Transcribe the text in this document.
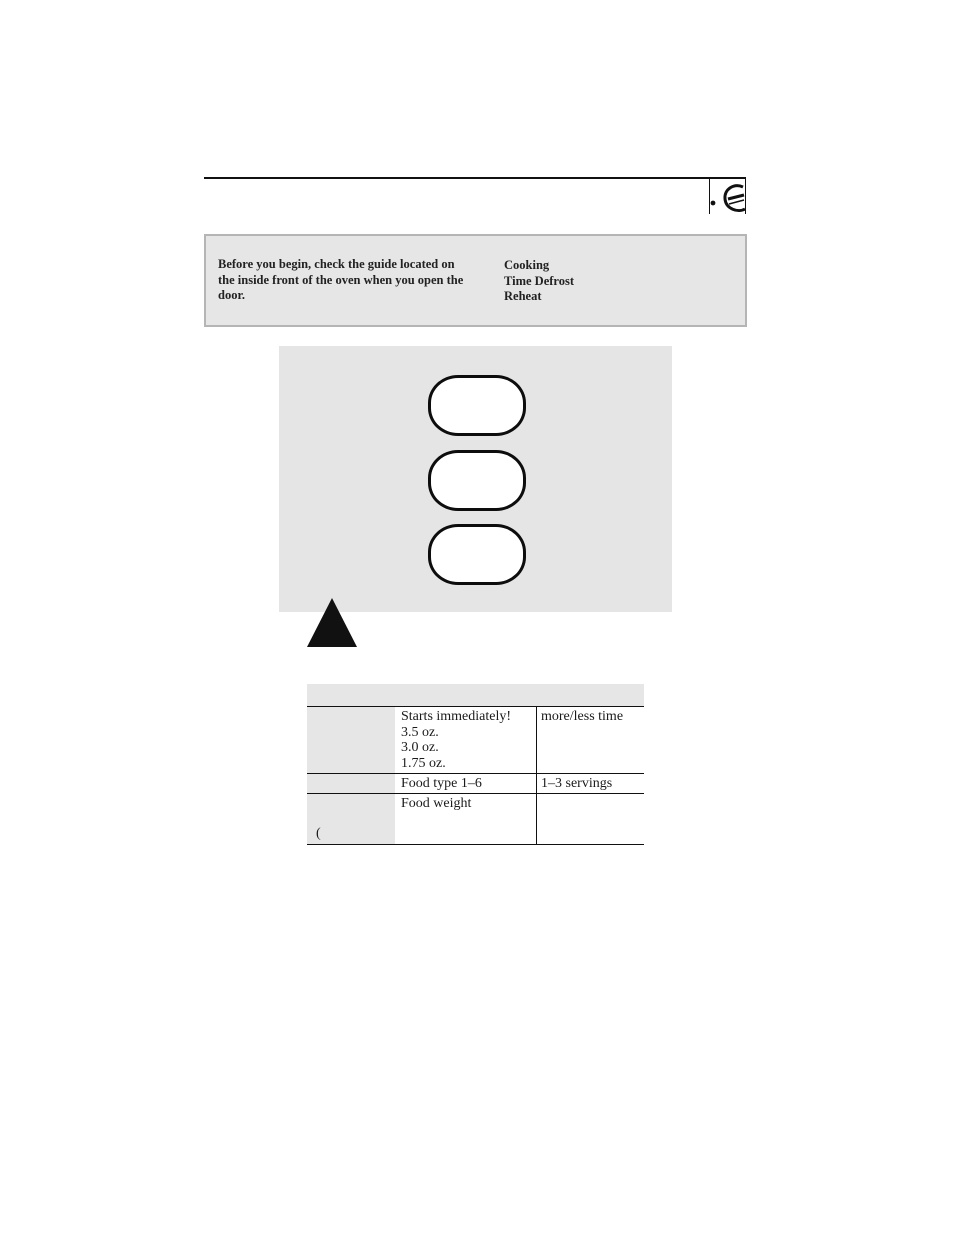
Before you begin, check the guide located on the inside front of the oven when you open the door.
Cooking
Time Defrost
Reheat
Starts immediately!
3.5 oz.
3.0 oz.
1.75 oz.
more/less time
Food type 1–6	1–3 servings
(
Food weight
